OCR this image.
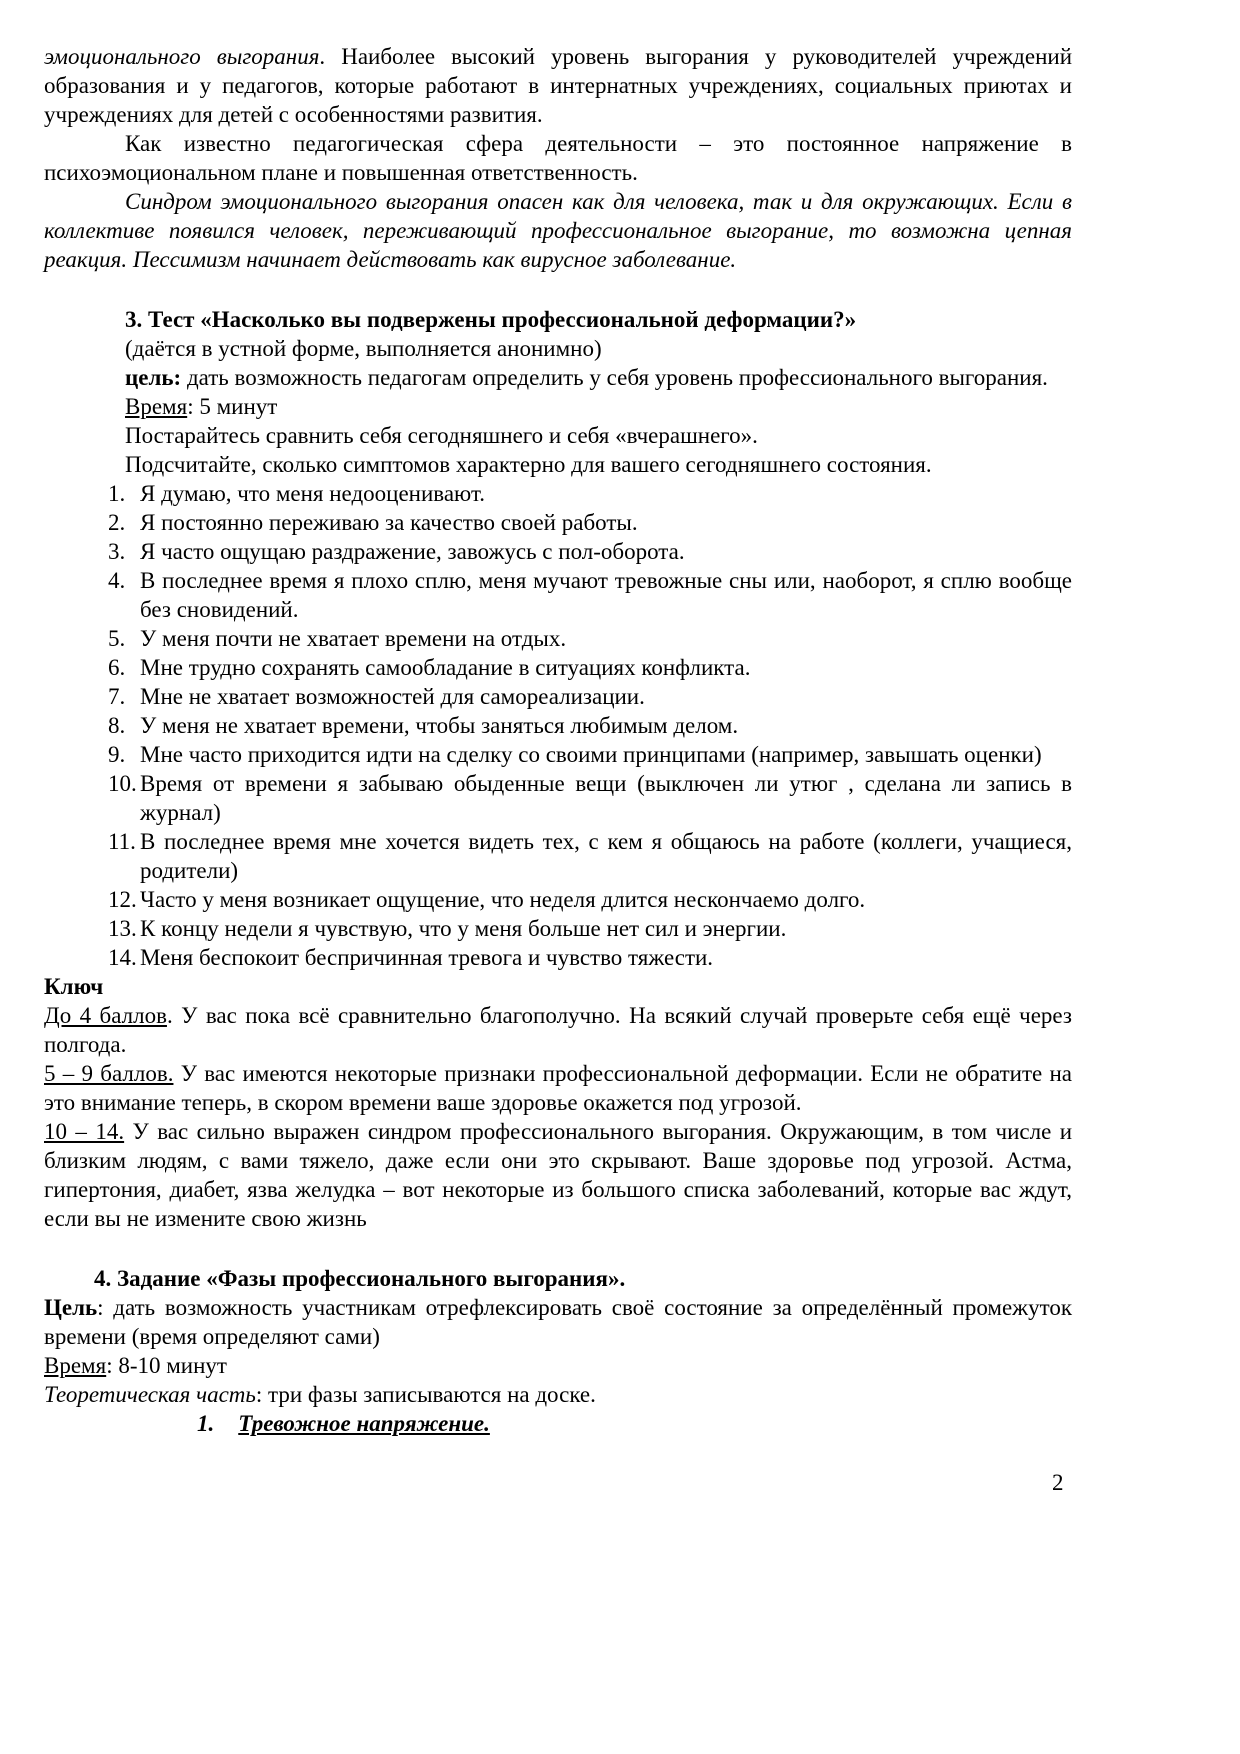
эмоционального выгорания. Наиболее высокий уровень выгорания у руководителей учреждений образования и у педагогов, которые работают в интернатных учреждениях, социальных приютах и учреждениях для детей с особенностями развития.

Как известно педагогическая сфера деятельности – это постоянное напряжение в психоэмоциональном плане и повышенная ответственность.

Синдром эмоционального выгорания опасен как для человека, так и для окружающих. Если в коллективе появился человек, переживающий профессиональное выгорание, то возможна цепная реакция. Пессимизм начинает действовать как вирусное заболевание.

3. Тест «Насколько вы подвержены профессиональной деформации?»

(даётся в устной форме, выполняется анонимно)

цель: дать возможность педагогам определить у себя уровень профессионального выгорания.

Время: 5 минут

Постарайтесь сравнить себя сегодняшнего и себя «вчерашнего».

Подсчитайте, сколько симптомов характерно для вашего сегодняшнего состояния.

1. Я думаю, что меня недооценивают.
2. Я постоянно переживаю за качество своей работы.
3. Я часто ощущаю раздражение, завожусь с пол-оборота.
4. В последнее время я плохо сплю, меня мучают тревожные сны или, наоборот, я сплю вообще без сновидений.
5. У меня почти не хватает времени на отдых.
6. Мне трудно сохранять самообладание в ситуациях конфликта.
7. Мне не хватает возможностей для самореализации.
8. У меня не хватает времени, чтобы заняться любимым делом.
9. Мне часто приходится идти на сделку со своими принципами (например, завышать оценки)
10. Время от времени я забываю обыденные вещи (выключен ли утюг , сделана ли запись в журнал)
11. В последнее время мне хочется видеть тех, с кем я общаюсь на работе (коллеги, учащиеся, родители)
12. Часто у меня возникает ощущение, что неделя длится нескончаемо долго.
13. К концу недели я чувствую, что у меня больше нет сил и энергии.
14. Меня беспокоит беспричинная тревога и чувство тяжести.

Ключ

До 4 баллов. У вас пока всё сравнительно благополучно. На всякий случай проверьте себя ещё через полгода.

5 – 9 баллов. У вас имеются некоторые признаки профессиональной деформации. Если не обратите на это внимание теперь, в скором времени ваше здоровье окажется под угрозой.

10 – 14. У вас сильно выражен синдром профессионального выгорания. Окружающим, в том числе и близким людям, с вами тяжело, даже если они это скрывают. Ваше здоровье под угрозой. Астма, гипертония, диабет, язва желудка – вот некоторые из большого списка заболеваний, которые вас ждут, если вы не измените свою жизнь

4. Задание «Фазы профессионального выгорания».

Цель: дать возможность участникам отрефлексировать своё состояние за определённый промежуток времени (время определяют сами)

Время: 8-10 минут

Теоретическая часть: три фазы записываются на доске.

1. Тревожное напряжение.

2
